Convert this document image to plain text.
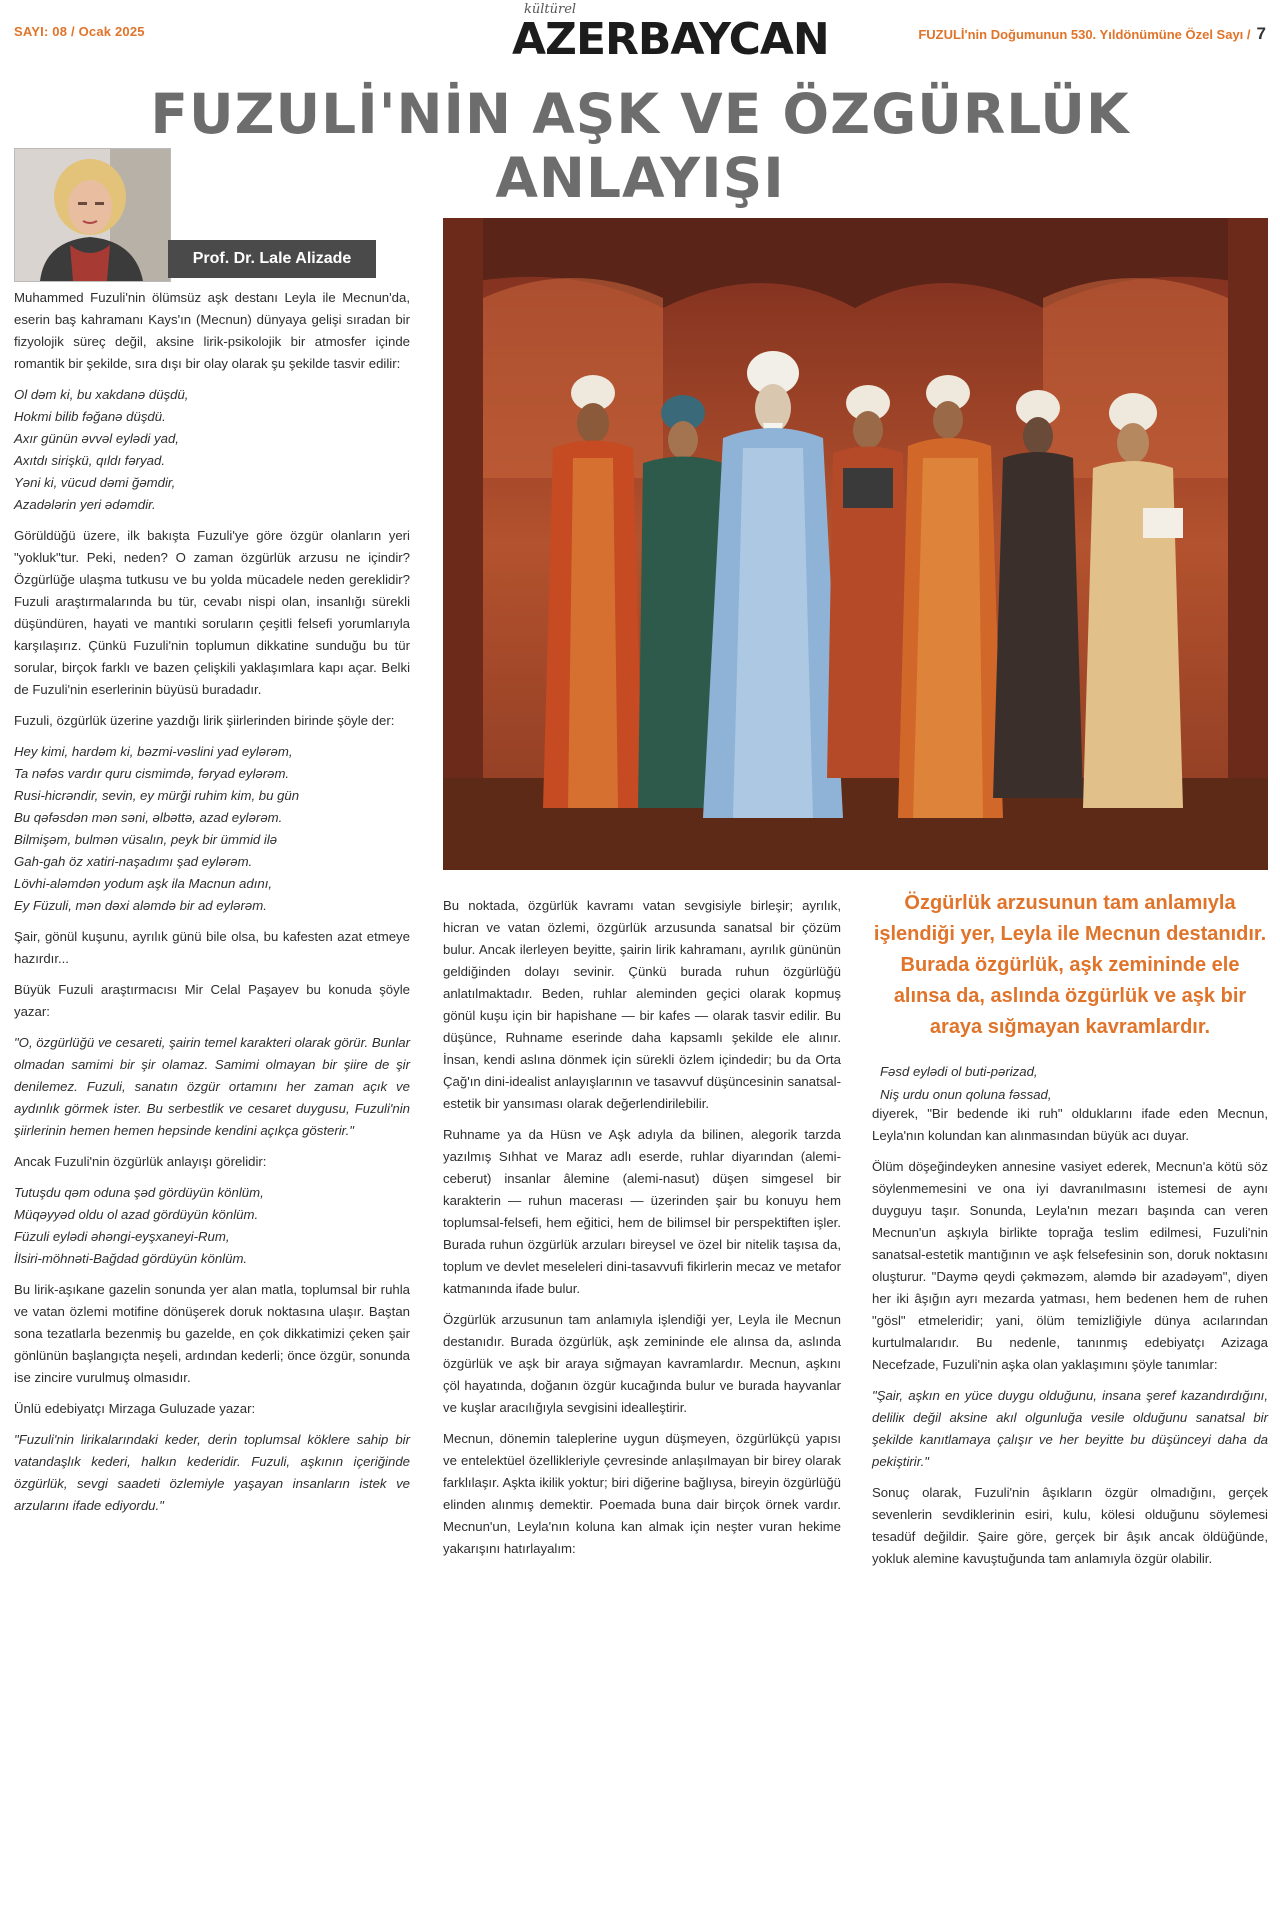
SAYI: 08 / Ocak 2025
kültürel
AZERBAYCAN	FUZULİ'nin Doğumunun 530. Yıldönümüne Özel Sayı / 7
FUZULİ'NİN AŞK VE ÖZGÜRLÜK ANLAYIŞI
Prof. Dr. Lale Alizade

Muhammed Fuzuli'nin ölümsüz aşk destanı Leyla ile Mecnun'da, eserin baş kahramanı Kays'ın (Mecnun) dünyaya gelişi sıradan bir fizyolojik süreç değil, aksine lirik-psikolojik bir atmosfer içinde romantik bir şekilde, sıra dışı bir olay olarak şu şekilde tasvir edilir:

Ol dəm ki, bu xakdanə düşdü,
Hokmi bilib fəğanə düşdü.
Axır günün əvvəl eylədi yad,
Axıtdı sirişkü, qıldı fəryad.
Yəni ki, vücud dəmi ğəmdir,
Azadələrin yeri ədəmdir.

Görüldüğü üzere, ilk bakışta Fuzuli'ye göre özgür olanların yeri "yokluk"tur. Peki, neden? O zaman özgürlük arzusu ne içindir? Özgürlüğe ulaşma tutkusu ve bu yolda mücadele neden gereklidir? Fuzuli araştırmalarında bu tür, cevabı nispi olan, insanlığı sürekli düşündüren, hayati ve mantıki soruların çeşitli felsefi yorumlarıyla karşılaşırız. Çünkü Fuzuli'nin toplumun dikkatine sunduğu bu tür sorular, birçok farklı ve bazen çelişkili yaklaşımlara kapı açar. Belki de Fuzuli'nin eserlerinin büyüsü buradadır.

Fuzuli, özgürlük üzerine yazdığı lirik şiirlerinden birinde şöyle der:

Hey kimi, hardəm ki, bəzmi-vəslini yad eylərəm,
Ta nəfəs vardır quru cismimdə, fəryad eylərəm.
Rusi-hicrəndir, sevin, ey mürği ruhim kim, bu gün
Bu qəfəsdən mən səni, əlbəttə, azad eylərəm.
Bilmişəm, bulmən vüsalın, peyk bir ümmid ilə
Gah-gah öz xatiri-naşadımı şad eylərəm.
Lövhi-aləmdən yodum aşk ila Macnun adını,
Ey Füzuli, mən dəxi aləmdə bir ad eylərəm.

Şair, gönül kuşunu, ayrılık günü bile olsa, bu kafesten azat etmeye hazırdır...

Büyük Fuzuli araştırmacısı Mir Celal Paşayev bu konuda şöyle yazar:

"O, özgürlüğü ve cesareti, şairin temel karakteri olarak görür. Bunlar olmadan samimi bir şir olamaz. Samimi olmayan bir şiire de şir denilemez. Fuzuli, sanatın özgür ortamını her zaman açık ve aydınlık görmek ister. Bu serbestlik ve cesaret duygusu, Fuzuli'nin şiirlerinin hemen hemen hepsinde kendini açıkça gösterir."

Ancak Fuzuli'nin özgürlük anlayışı görelidir:

Tutuşdu qəm oduna şəd gördüyün könlüm,
Müqəyyəd oldu ol azad gördüyün könlüm.
Füzuli eylədi əhəngi-eyşxaneyi-Rum,
İlsiri-möhnəti-Bağdad gördüyün könlüm.

Bu lirik-aşıkane gazelin sonunda yer alan matla, toplumsal bir ruhla ve vatan özlemi motifine dönüşerek doruk noktasına ulaşır. Baştan sona tezatlarla bezenmiş bu gazelde, en çok dikkatimizi çeken şair gönlünün başlangıçta neşeli, ardından kederli; önce özgür, sonunda ise zincire vurulmuş olmasıdır.

Ünlü edebiyatçı Mirzaga Guluzade yazar:

"Fuzuli'nin lirikalarındaki keder, derin toplumsal köklere sahip bir vatandaşlık kederi, halkın kederidir. Fuzuli, aşkının içeriğinde özgürlük, sevgi saadeti özlemiyle yaşayan insanların istek ve arzularını ifade ediyordu."

Bu noktada, özgürlük kavramı vatan sevgisiyle birleşir; ayrılık, hicran ve vatan özlemi, özgürlük arzusunda sanatsal bir çözüm bulur. Ancak ilerleyen beyitte, şairin lirik kahramanı, ayrılık gününün geldiğinden dolayı sevinir. Çünkü burada ruhun özgürlüğü anlatılmaktadır. Beden, ruhlar aleminden geçici olarak kopmuş gönül kuşu için bir hapishane — bir kafes — olarak tasvir edilir. Bu düşünce, Ruhname eserinde daha kapsamlı şekilde ele alınır. İnsan, kendi aslına dönmek için sürekli özlem içindedir; bu da Orta Çağ'ın dini-idealist anlayışlarının ve tasavvuf düşüncesinin sanatsal-estetik bir yansıması olarak değerlendirilebilir.

Ruhname ya da Hüsn ve Aşk adıyla da bilinen, alegorik tarzda yazılmış Sıhhat ve Maraz adlı eserde, ruhlar diyarından (alemi-ceberut) insanlar âlemine (alemi-nasut) düşen simgesel bir karakterin — ruhun macerası — üzerinden şair bu konuyu hem toplumsal-felsefi, hem eğitici, hem de bilimsel bir perspektiften işler. Burada ruhun özgürlük arzuları bireysel ve özel bir nitelik taşısa da, toplum ve devlet meseleleri dini-tasavvufi fikirlerin mecaz ve metafor katmanında ifade bulur.

Özgürlük arzusunun tam anlamıyla işlendiği yer, Leyla ile Mecnun destanıdır. Burada özgürlük, aşk zemininde ele alınsa da, aslında özgürlük ve aşk bir araya sığmayan kavramlardır. Mecnun, aşkını çöl hayatında, doğanın özgür kucağında bulur ve burada hayvanlar ve kuşlar aracılığıyla sevgisini idealleştirir.

Mecnun, dönemin taleplerine uygun düşmeyen, özgürlükçü yapısı ve entelektüel özellikleriyle çevresinde anlaşılmayan bir birey olarak farklılaşır. Aşkta ikilik yoktur; biri diğerine bağlıysa, bireyin özgürlüğü elinden alınmış demektir. Poemada buna dair birçok örnek vardır. Mecnun'un, Leyla'nın koluna kan almak için neşter vuran hekime yakarışını hatırlayalım:

Özgürlük arzusunun tam anlamıyla işlendiği yer, Leyla ile Mecnun destanıdır. Burada özgürlük, aşk zemininde ele alınsa da, aslında özgürlük ve aşk bir araya sığmayan kavramlardır.
Fəsd eylədi ol buti-pərizad,
Niş urdu onun qoluna fəssad,

diyerek, "Bir bedende iki ruh" olduklarını ifade eden Mecnun, Leyla'nın kolundan kan alınmasından büyük acı duyar.

Ölüm döşeğindeyken annesine vasiyet ederek, Mecnun'a kötü söz söylenmemesini ve ona iyi davranılmasını istemesi de aynı duyguyu taşır. Sonunda, Leyla'nın mezarı başında can veren Mecnun'un aşkıyla birlikte toprağa teslim edilmesi, Fuzuli'nin sanatsal-estetik mantığının ve aşk felsefesinin son, doruk noktasını oluşturur. "Daymə qeydi çəkməzəm, aləmdə bir azadəyəm", diyen her iki âşığın ayrı mezarda yatması, hem bedenen hem de ruhen "gösl" etmeleridir; yani, ölüm temizliğiyle dünya acılarından kurtulmalarıdır. Bu nedenle, tanınmış edebiyatçı Azizaga Necefzade, Fuzuli'nin aşka olan yaklaşımını şöyle tanımlar:

"Şair, aşkın en yüce duygu olduğunu, insana şeref kazandırdığını, deliliк değil aksine akıl olgunluğa vesile olduğunu sanatsal bir şekilde kanıtlamaya çalışır ve her beyitte bu düşünceyi daha da pekiştirir."

Sonuç olarak, Fuzuli'nin âşıkların özgür olmadığını, gerçek sevenlerin sevdiklerinin esiri, kulu, kölesi olduğunu söylemesi tesadüf değildir. Şaire göre, gerçek bir âşık ancak öldüğünde, yokluk alemine kavuştuğunda tam anlamıyla özgür olabilir.
